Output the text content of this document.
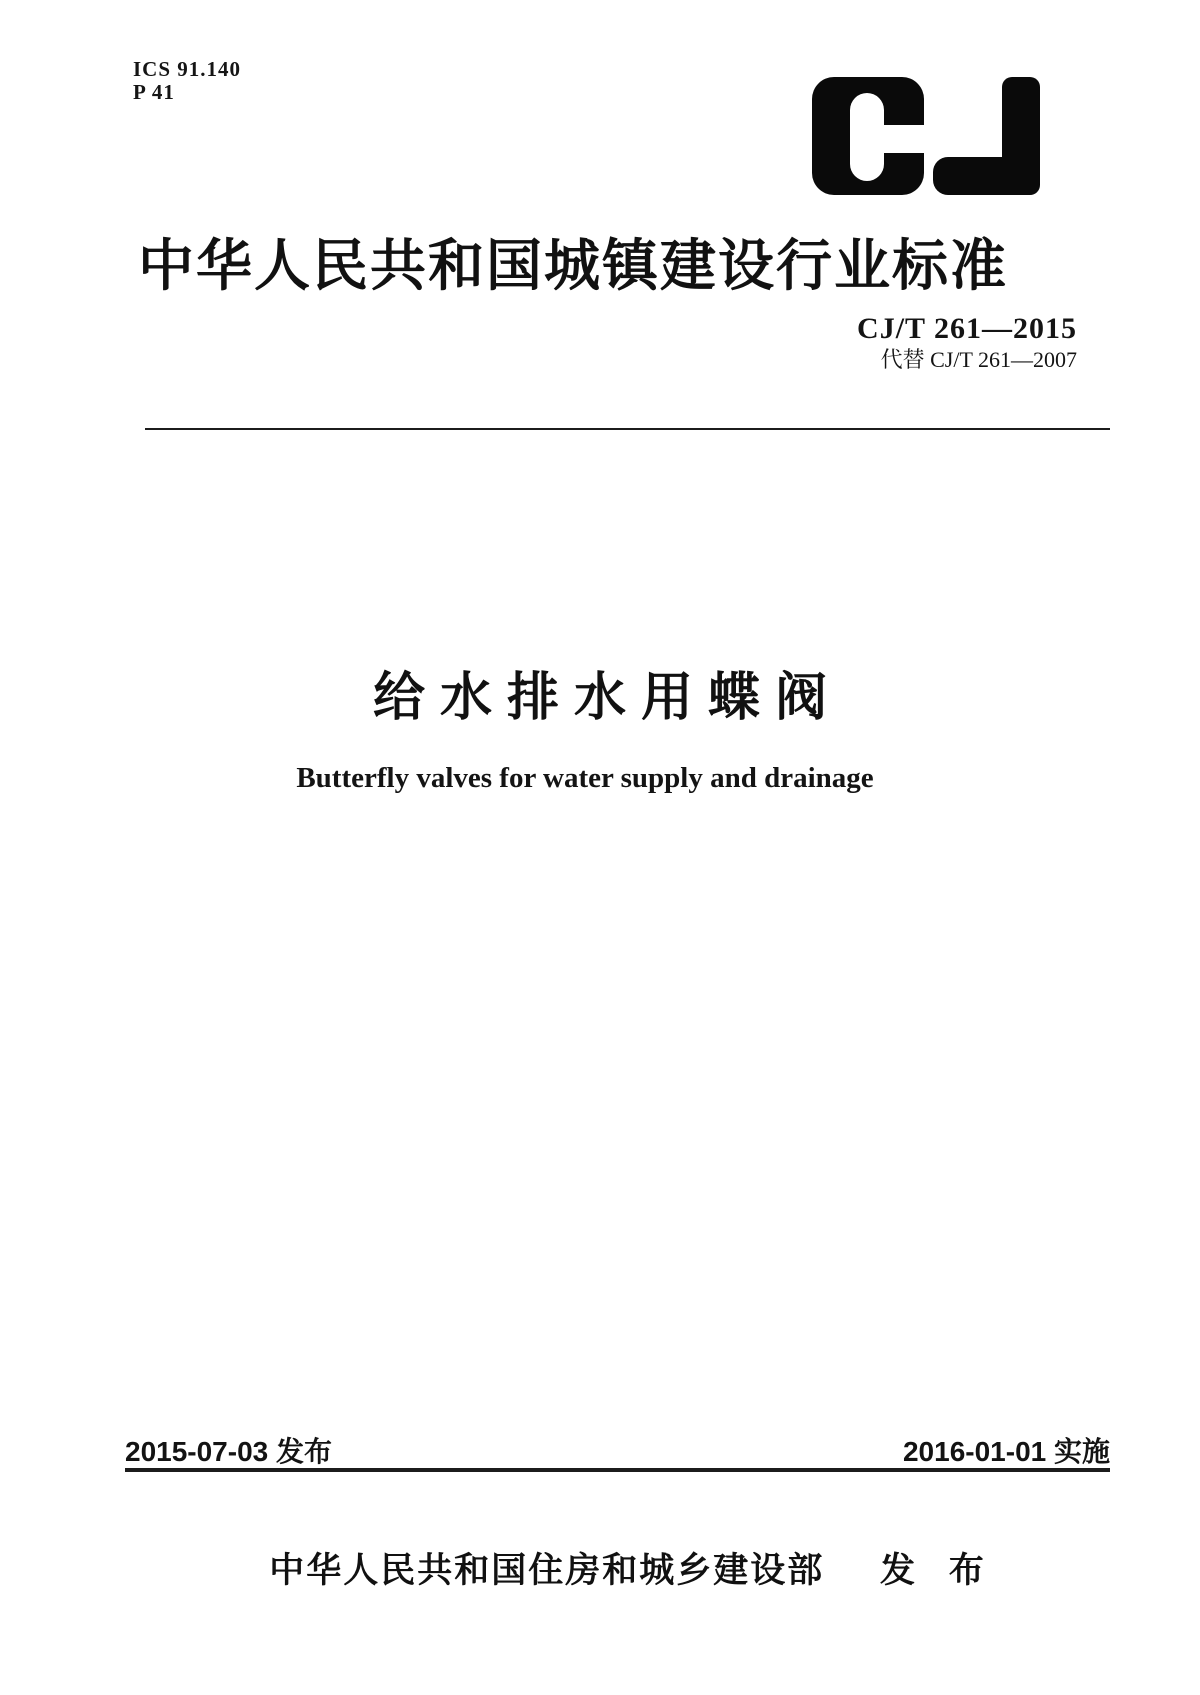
ICS 91.140
P 41
中华人民共和国城镇建设行业标准
CJ/T 261—2015
代替 CJ/T 261—2007
给水排水用蝶阀
Butterfly valves for water supply and drainage
2015-07-03 发布	2016-01-01 实施
中华人民共和国住房和城乡建设部 发 布
